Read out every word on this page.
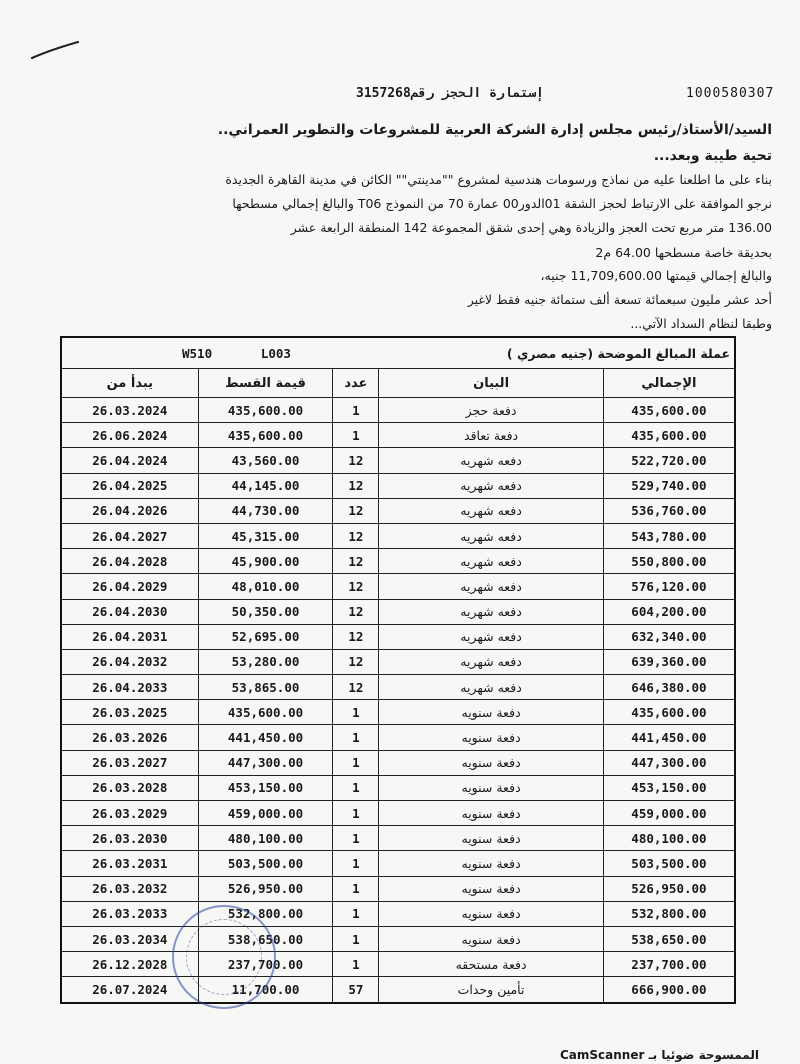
1000580307
إستمارة الحجز رقم3157268
السيد/الأستاذ/رئيس مجلس إدارة الشركة العربية للمشروعات والتطوير العمراني..
تحية طيبة وبعد...
بناء على ما اطلعنا عليه من نماذج ورسومات هندسية لمشروع ""مدينتي"" الكائن في مدينة القاهرة الجديدة
نرجو الموافقة على الارتباط لحجز الشقة 01الدور00 عمارة 70 من النموذج T06 والبالغ إجمالي مسطحها
136.00 متر مربع تحت العجز والزيادة وهي إحدى شقق المجموعة 142 المنطقة الرابعة عشر
بحديقة خاصة مسطحها 64.00 م2
والبالغ إجمالي قيمتها 11,709,600.00 جنيه،
أحد عشر مليون سبعمائة تسعة ألف ستمائة جنيه فقط لاغير
وطبقا لنظام السداد الآتي...
W510 L003 عملة المبالغ الموضحة (جنيه مصري )				

يبدأ من	قيمة القسط	عدد	البيان	الإجمالي
26.03.2024	435,600.00	1	دفعة حجز	435,600.00
26.06.2024	435,600.00	1	دفعة تعاقد	435,600.00
26.04.2024	43,560.00	12	دفعه شهريه	522,720.00
26.04.2025	44,145.00	12	دفعه شهريه	529,740.00
26.04.2026	44,730.00	12	دفعه شهريه	536,760.00
26.04.2027	45,315.00	12	دفعه شهريه	543,780.00
26.04.2028	45,900.00	12	دفعه شهريه	550,800.00
26.04.2029	48,010.00	12	دفعه شهريه	576,120.00
26.04.2030	50,350.00	12	دفعه شهريه	604,200.00
26.04.2031	52,695.00	12	دفعه شهريه	632,340.00
26.04.2032	53,280.00	12	دفعه شهريه	639,360.00
26.04.2033	53,865.00	12	دفعه شهريه	646,380.00
26.03.2025	435,600.00	1	دفعة سنويه	435,600.00
26.03.2026	441,450.00	1	دفعة سنويه	441,450.00
26.03.2027	447,300.00	1	دفعة سنويه	447,300.00
26.03.2028	453,150.00	1	دفعة سنويه	453,150.00
26.03.2029	459,000.00	1	دفعة سنويه	459,000.00
26.03.2030	480,100.00	1	دفعة سنويه	480,100.00
26.03.2031	503,500.00	1	دفعة سنويه	503,500.00
26.03.2032	526,950.00	1	دفعة سنويه	526,950.00
26.03.2033	532,800.00	1	دفعة سنويه	532,800.00
26.03.2034	538,650.00	1	دفعة سنويه	538,650.00
26.12.2028	237,700.00	1	دفعة مستحقه	237,700.00
26.07.2024	11,700.00	57	تأمين وحدات	666,900.00
الممسوحة ضوئيا بـ CamScanner
